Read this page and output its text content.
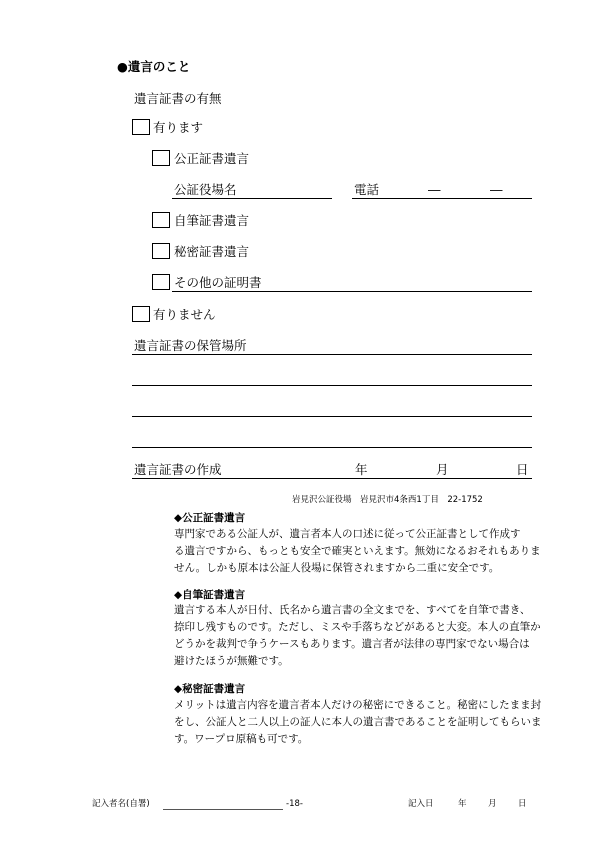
●遺言のこと
遺言証書の有無
有ります
公正証書遺言
公証役場名	電話	―	―
自筆証書遺言
秘密証書遺言
その他の証明書
有りません
遺言証書の保管場所
遺言証書の作成	年	月	日
岩見沢公証役場　岩見沢市4条西1丁目　22-1752
◆公正証書遺言
専門家である公証人が、遺言者本人の口述に従って公正証書として作成す
る遺言ですから、もっとも安全で確実といえます。無効になるおそれもありま
せん。しかも原本は公証人役場に保管されますから二重に安全です。
◆自筆証書遺言
遺言する本人が日付、氏名から遺言書の全文までを、すべてを自筆で書き、
捺印し残すものです。ただし、ミスや手落ちなどがあると大変。本人の直筆か
どうかを裁判で争うケースもあります。遺言者が法律の専門家でない場合は
避けたほうが無難です。
◆秘密証書遺言
メリットは遺言内容を遺言者本人だけの秘密にできること。秘密にしたまま封
をし、公証人と二人以上の証人に本人の遺言書であることを証明してもらいま
す。ワープロ原稿も可です。
記入者名(自署)	-18-	記入日	年	月	日
